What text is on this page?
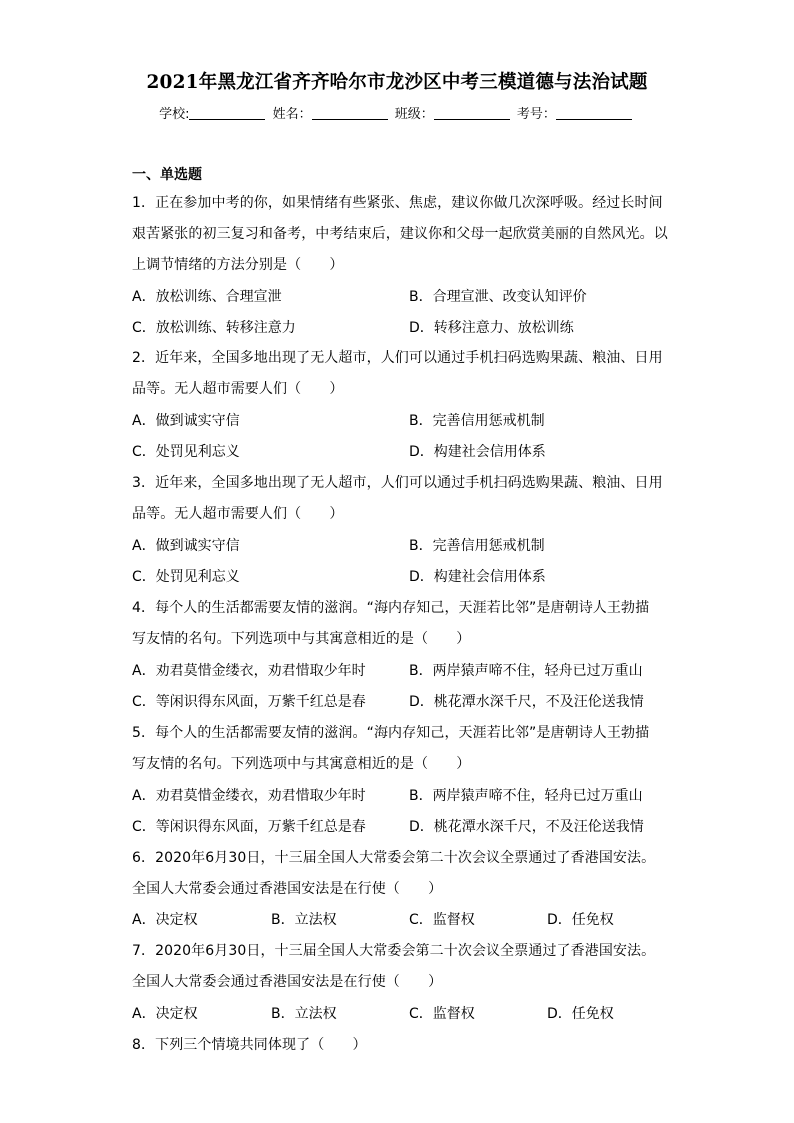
2021年黑龙江省齐齐哈尔市龙沙区中考三模道德与法治试题
学校:	姓名：	班级：	考号：
一、单选题
1．正在参加中考的你，如果情绪有些紧张、焦虑，建议你做几次深呼吸。经过长时间
艰苦紧张的初三复习和备考，中考结束后，建议你和父母一起欣赏美丽的自然风光。以
上调节情绪的方法分别是（　　）
A．放松训练、合理宣泄	B．合理宣泄、改变认知评价
C．放松训练、转移注意力	D．转移注意力、放松训练
2．近年来，全国多地出现了无人超市，人们可以通过手机扫码选购果蔬、粮油、日用
品等。无人超市需要人们（　　）
A．做到诚实守信	B．完善信用惩戒机制
C．处罚见利忘义	D．构建社会信用体系
3．近年来，全国多地出现了无人超市，人们可以通过手机扫码选购果蔬、粮油、日用
品等。无人超市需要人们（　　）
A．做到诚实守信	B．完善信用惩戒机制
C．处罚见利忘义	D．构建社会信用体系
4．每个人的生活都需要友情的滋润。“海内存知己，天涯若比邻”是唐朝诗人王勃描
写友情的名句。下列选项中与其寓意相近的是（　　）
A．劝君莫惜金缕衣，劝君惜取少年时	B．两岸猿声啼不住，轻舟已过万重山
C．等闲识得东风面，万紫千红总是春	D．桃花潭水深千尺，不及汪伦送我情
5．每个人的生活都需要友情的滋润。“海内存知己，天涯若比邻”是唐朝诗人王勃描
写友情的名句。下列选项中与其寓意相近的是（　　）
A．劝君莫惜金缕衣，劝君惜取少年时	B．两岸猿声啼不住，轻舟已过万重山
C．等闲识得东风面，万紫千红总是春	D．桃花潭水深千尺，不及汪伦送我情
6．2020年6月30日，十三届全国人大常委会第二十次会议全票通过了香港国安法。
全国人大常委会通过香港国安法是在行使（　　）
A．决定权	B．立法权	C．监督权	D．任免权
7．2020年6月30日，十三届全国人大常委会第二十次会议全票通过了香港国安法。
全国人大常委会通过香港国安法是在行使（　　）
A．决定权	B．立法权	C．监督权	D．任免权
8．下列三个情境共同体现了（　　）
